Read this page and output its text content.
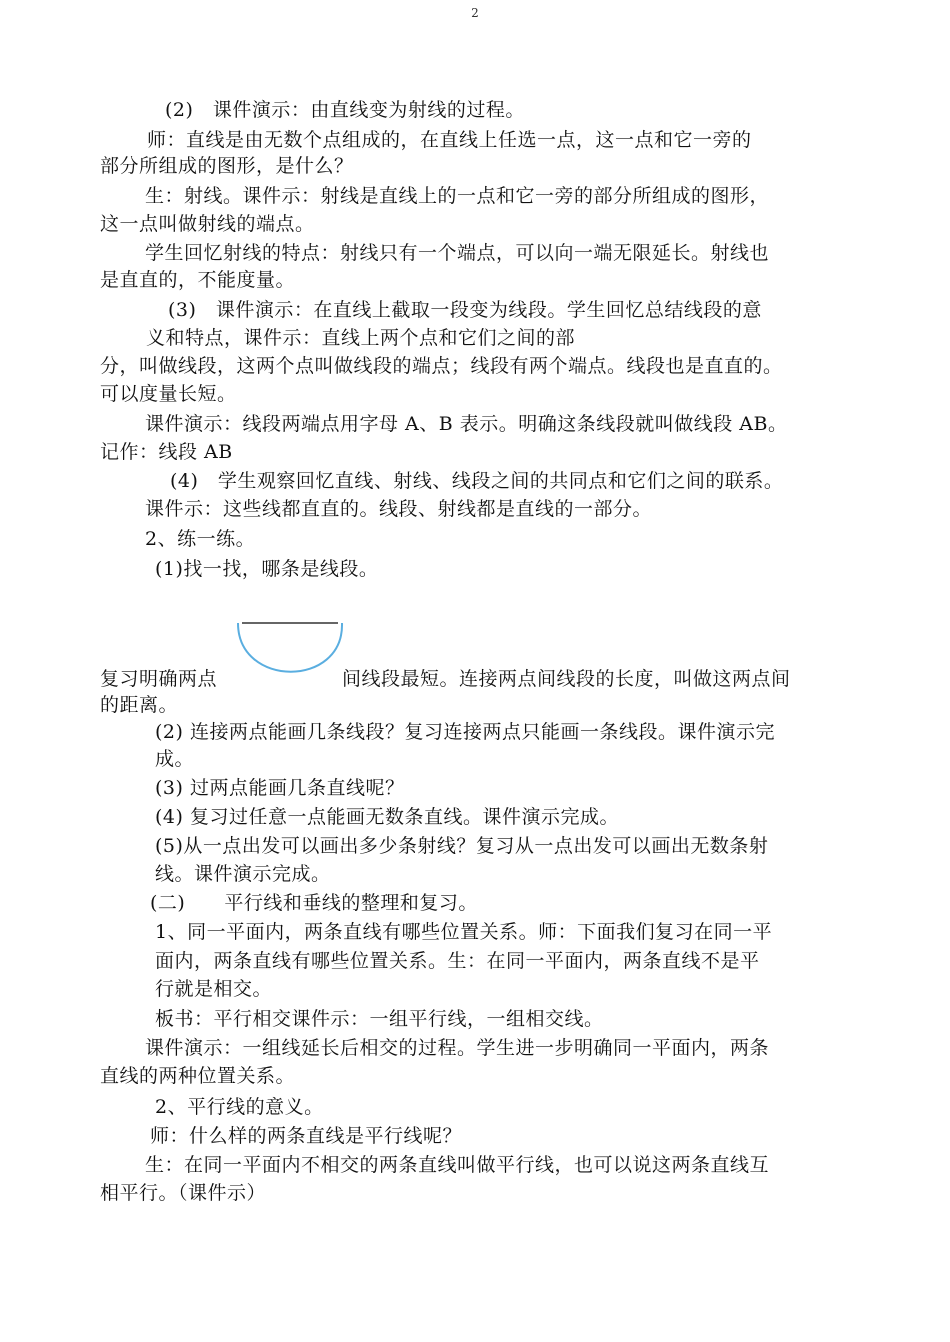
2
(2)　课件演示：由直线变为射线的过程。
师：直线是由无数个点组成的，在直线上任选一点，这一点和它一旁的
部分所组成的图形，是什么？
生：射线。课件示：射线是直线上的一点和它一旁的部分所组成的图形，
这一点叫做射线的端点。
学生回忆射线的特点：射线只有一个端点，可以向一端无限延长。射线也
是直直的，不能度量。
(3)　课件演示：在直线上截取一段变为线段。学生回忆总结线段的意
义和特点，课件示：直线上两个点和它们之间的部
分，叫做线段，这两个点叫做线段的端点；线段有两个端点。线段也是直直的。
可以度量长短。
课件演示：线段两端点用字母 A、B 表示。明确这条线段就叫做线段 AB。
记作：线段 AB
(4)　学生观察回忆直线、射线、线段之间的共同点和它们之间的联系。
课件示：这些线都直直的。线段、射线都是直线的一部分。
2、练一练。
(1)找一找，哪条是线段。
复习明确两点	间线段最短。连接两点间线段的长度，叫做这两点间
的距离。
(2) 连接两点能画几条线段？复习连接两点只能画一条线段。课件演示完
成。
(3) 过两点能画几条直线呢？
(4) 复习过任意一点能画无数条直线。课件演示完成。
(5)从一点出发可以画出多少条射线？复习从一点出发可以画出无数条射
线。课件演示完成。
(二)　　平行线和垂线的整理和复习。
1、同一平面内，两条直线有哪些位置关系。师：下面我们复习在同一平
面内，两条直线有哪些位置关系。生：在同一平面内，两条直线不是平
行就是相交。
板书：平行相交课件示：一组平行线，一组相交线。
课件演示：一组线延长后相交的过程。学生进一步明确同一平面内，两条
直线的两种位置关系。
2、平行线的意义。
师：什么样的两条直线是平行线呢？
生：在同一平面内不相交的两条直线叫做平行线，也可以说这两条直线互
相平行。（课件示）
